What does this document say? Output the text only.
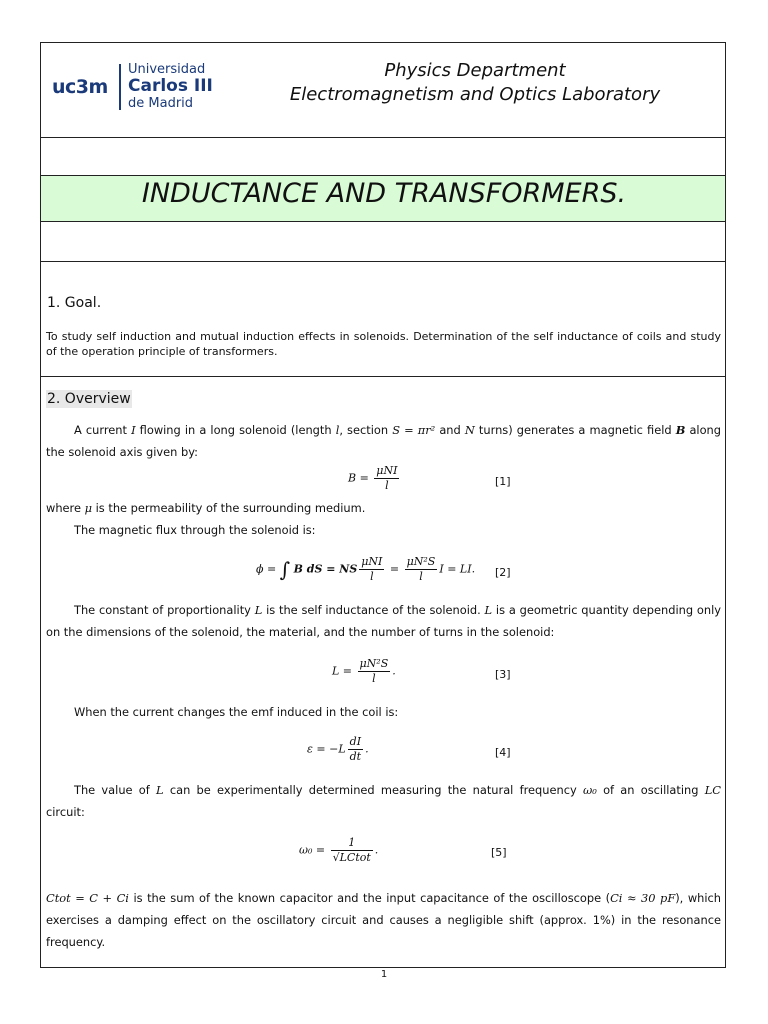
uc3m
Universidad
Carlos III
de Madrid
Physics Department
Electromagnetism and Optics Laboratory
INDUCTANCE AND TRANSFORMERS.
1. Goal.
To study self induction and mutual induction effects in solenoids. Determination of the self inductance of coils and study of the operation principle of transformers.
2. Overview
A current I flowing in a long solenoid (length l, section S = πr² and N turns) generates a magnetic field B along the solenoid axis given by:
$B = \frac{\text{μNI}}{l}$	[1]
where μ is the permeability of the surrounding medium.
The magnetic flux through the solenoid is:
ϕ = ∫ B dS = NS $\frac{\text{μNI}}{l} = \frac{\text{μN²S}}{l}$ I = LI. [2]
The constant of proportionality L is the self inductance of the solenoid. L is a geometric quantity depending only on the dimensions of the solenoid, the material, and the number of turns in the solenoid:
$L = \frac{\text{μN²S}}{l}$ .	[3]
When the current changes the emf induced in the coil is:
$\varepsilon = -L \frac{dI}{dt}$ .	[4]
The value of L can be experimentally determined measuring the natural frequency ω₀ of an oscillating LC circuit:
$\omega_0 = \frac{1}{\text{√LCtot}}$ .	[5]
Ctot = C + Ci is the sum of the known capacitor and the input capacitance of the oscilloscope (Ci ≈ 30 pF), which exercises a damping effect on the oscillatory circuit and causes a negligible shift (approx. 1%) in the resonance frequency.
1
